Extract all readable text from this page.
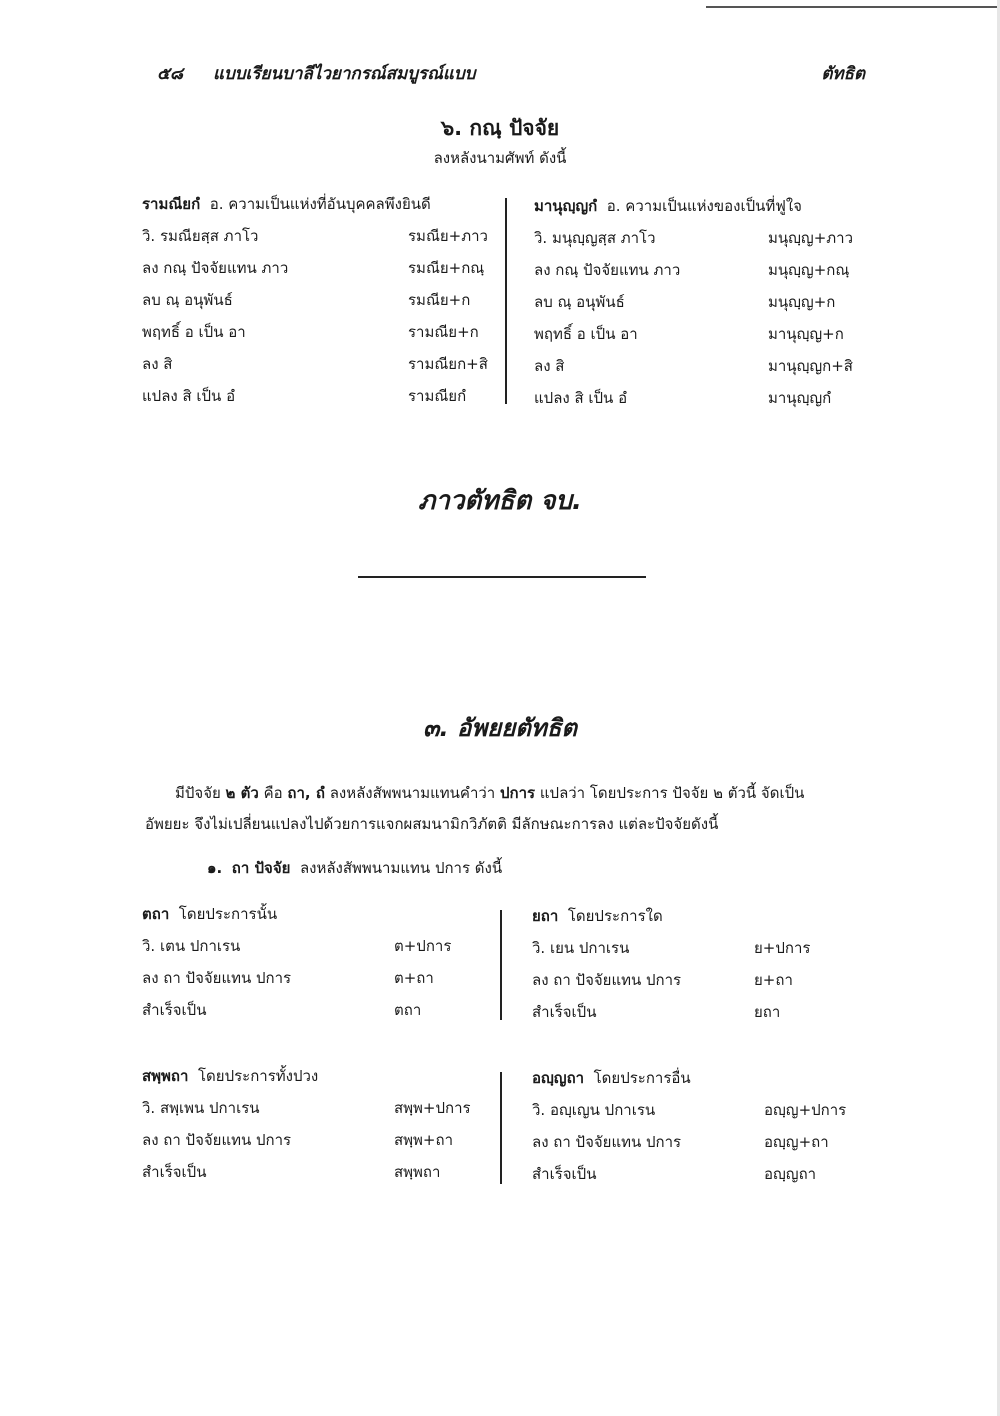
๕๘ แบบเรียนบาลีไวยากรณ์สมบูรณ์แบบ	ตัทธิต
๖. กณฺ ปัจจัย
ลงหลังนามศัพท์ ดังนี้
รามณียกํ อ. ความเป็นแห่งที่อันบุคคลพึงยินดี
วิ. รมณียสฺส ภาโว	รมณีย+ภาว
ลง กณฺ ปัจจัยแทน ภาว	รมณีย+กณฺ
ลบ ณฺ อนุพันธ์	รมณีย+ก
พฤทธิ์ อ เป็น อา	รามณีย+ก
ลง สิ	รามณียก+สิ
แปลง สิ เป็น อํ	รามณียกํ
มานุญฺญกํ อ. ความเป็นแห่งของเป็นที่ฟูใจ
วิ. มนุญฺญสฺส ภาโว	มนุญฺญ+ภาว
ลง กณฺ ปัจจัยแทน ภาว	มนุญฺญ+กณฺ
ลบ ณฺ อนุพันธ์	มนุญฺญ+ก
พฤทธิ์ อ เป็น อา	มานุญฺญ+ก
ลง สิ	มานุญฺญก+สิ
แปลง สิ เป็น อํ	มานุญฺญกํ
ภาวตัทธิต จบ.
๓. อัพยยตัทธิต

มีปัจจัย ๒ ตัว คือ ถา, ถํ ลงหลังสัพพนามแทนคำว่า ปการ แปลว่า โดยประการ ปัจจัย ๒ ตัวนี้ จัดเป็น

อัพยยะ จึงไม่เปลี่ยนแปลงไปด้วยการแจกผสมนามิกวิภัตติ มีลักษณะการลง แต่ละปัจจัยดังนี้

๑. ถา ปัจจัย ลงหลังสัพพนามแทน ปการ ดังนี้
ตถา โดยประการนั้น
วิ. เตน ปกาเรน	ต+ปการ
ลง ถา ปัจจัยแทน ปการ	ต+ถา
สำเร็จเป็น	ตถา
ยถา โดยประการใด
วิ. เยน ปกาเรน	ย+ปการ
ลง ถา ปัจจัยแทน ปการ	ย+ถา
สำเร็จเป็น	ยถา
สพฺพถา โดยประการทั้งปวง
วิ. สพฺเพน ปกาเรน	สพฺพ+ปการ
ลง ถา ปัจจัยแทน ปการ	สพฺพ+ถา
สำเร็จเป็น	สพฺพถา
อญฺญถา โดยประการอื่น
วิ. อญฺเญน ปกาเรน	อญฺญ+ปการ
ลง ถา ปัจจัยแทน ปการ	อญฺญ+ถา
สำเร็จเป็น	อญฺญถา
